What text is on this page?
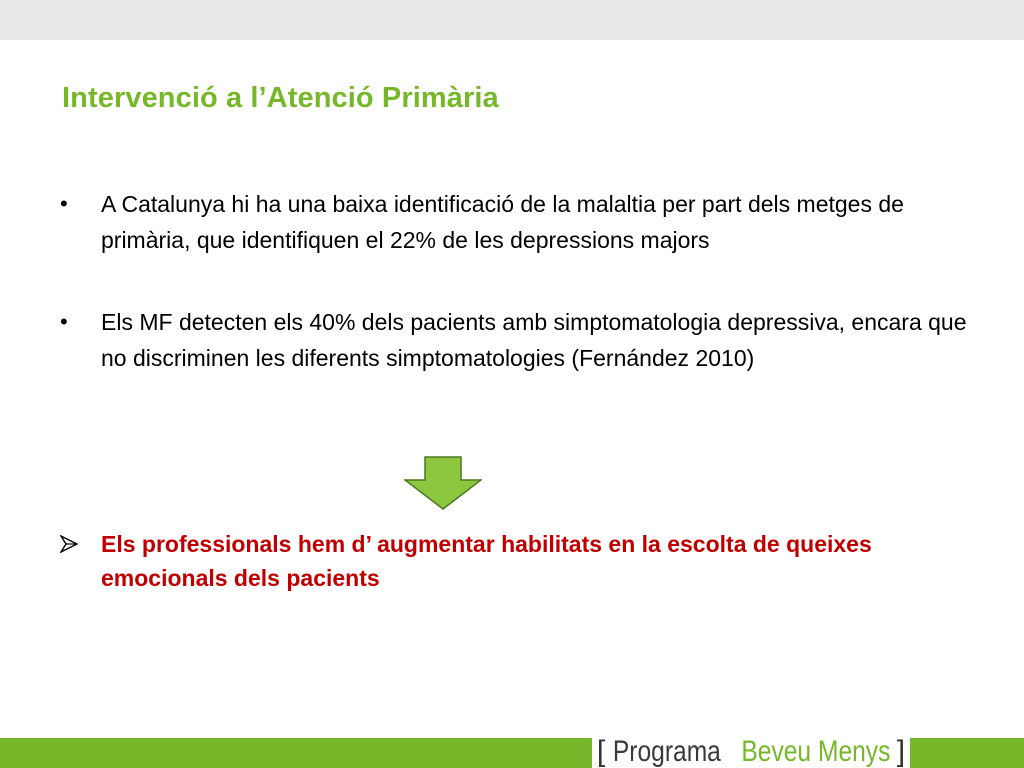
Intervenció a l’Atenció Primària
•	A Catalunya hi ha una baixa identificació de la malaltia per part dels metges de primària, que identifiquen el 22% de les depressions majors
•	Els MF detecten els 40% dels pacients amb simptomatologia depressiva, encara que no discriminen les diferents simptomatologies (Fernández 2010)
Els professionals hem d’ augmentar habilitats en la escolta de queixes emocionals dels pacients
[ Programa Beveu Menys ]
